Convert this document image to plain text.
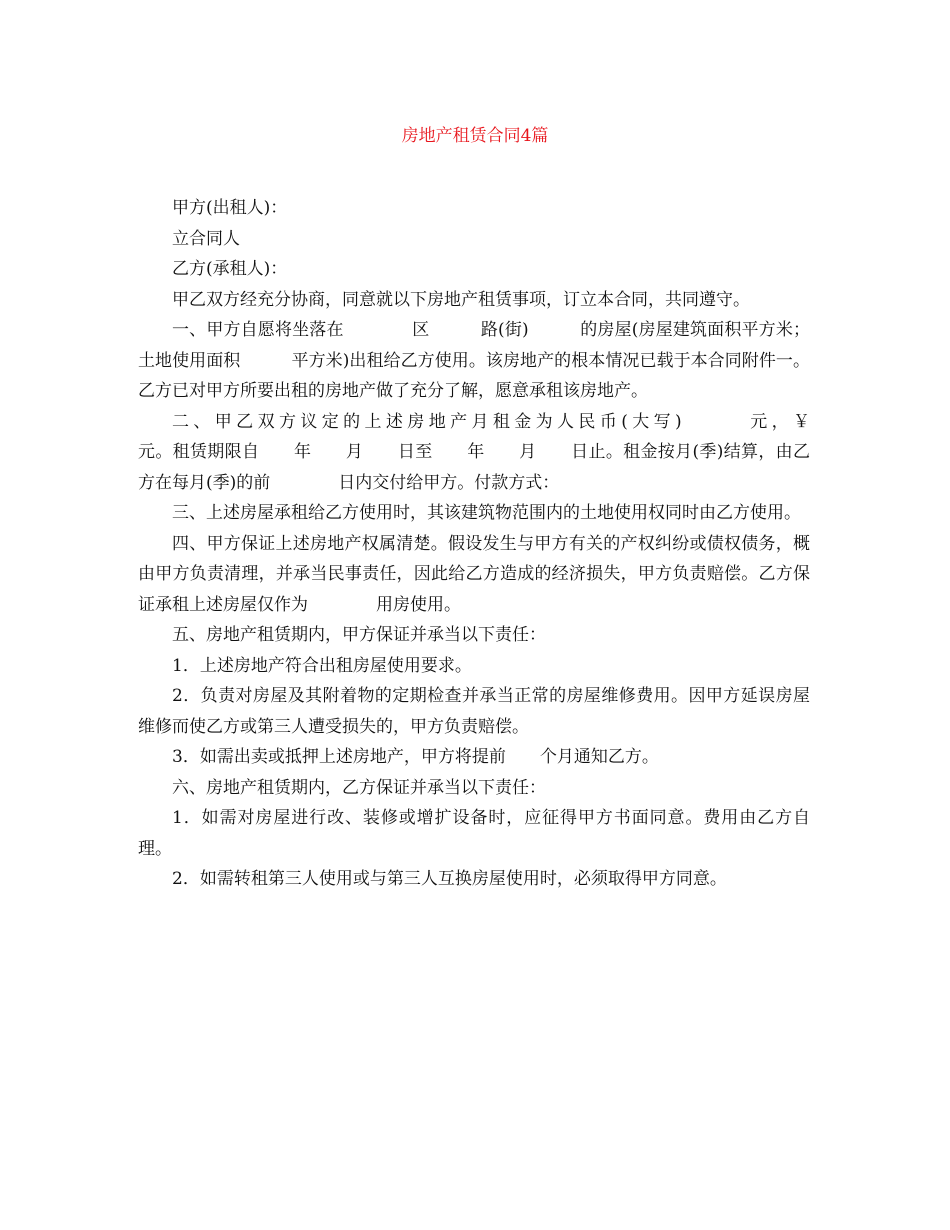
房地产租赁合同4篇

甲方(出租人)：

立合同人

乙方(承租人)：

甲乙双方经充分协商，同意就以下房地产租赁事项，订立本合同，共同遵守。

一、甲方自愿将坐落在　　　　区　　　路(街)　　　的房屋(房屋建筑面积平方米；土地使用面积　　　平方米)出租给乙方使用。该房地产的根本情况已载于本合同附件一。乙方已对甲方所要出租的房地产做了充分了解，愿意承租该房地产。

二、甲乙双方议定的上述房地产月租金为人民币(大写)　　　元，￥　　　　　　元。租赁期限自　　年　　月　　日至　　年　　月　　日止。租金按月(季)结算，由乙方在每月(季)的前　　　　日内交付给甲方。付款方式：

三、上述房屋承租给乙方使用时，其该建筑物范围内的土地使用权同时由乙方使用。

四、甲方保证上述房地产权属清楚。假设发生与甲方有关的产权纠纷或债权债务，概由甲方负责清理，并承当民事责任，因此给乙方造成的经济损失，甲方负责赔偿。乙方保证承租上述房屋仅作为　　　　用房使用。

五、房地产租赁期内，甲方保证并承当以下责任：

1．上述房地产符合出租房屋使用要求。

2．负责对房屋及其附着物的定期检查并承当正常的房屋维修费用。因甲方延误房屋维修而使乙方或第三人遭受损失的，甲方负责赔偿。

3．如需出卖或抵押上述房地产，甲方将提前　　个月通知乙方。

六、房地产租赁期内，乙方保证并承当以下责任：

1．如需对房屋进行改、装修或增扩设备时，应征得甲方书面同意。费用由乙方自理。

2．如需转租第三人使用或与第三人互换房屋使用时，必须取得甲方同意。
